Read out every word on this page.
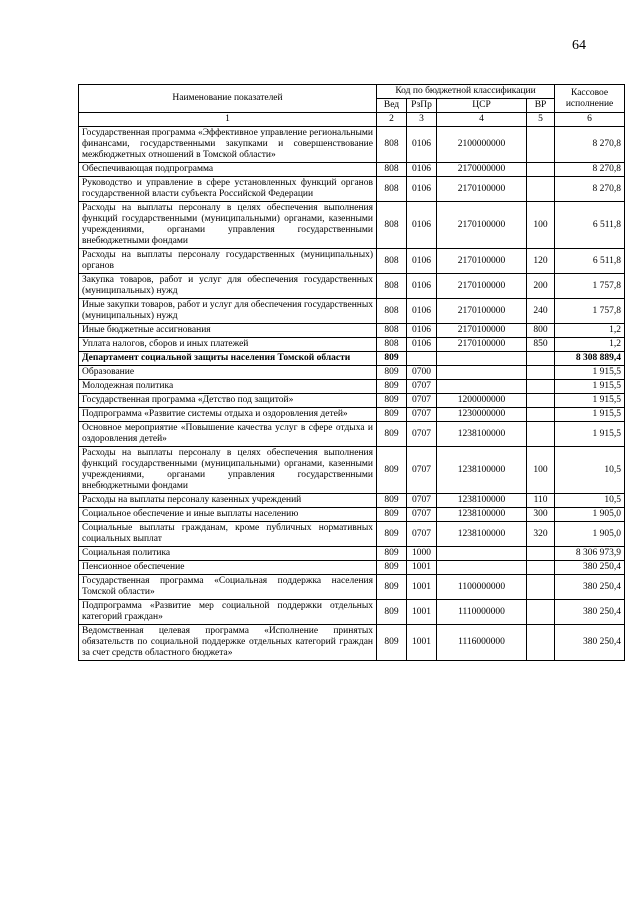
64
Наименование показателей	Код по бюджетной классификации				Кассовое исполнение
	Вед	РзПр	ЦСР	ВР	
1	2	3	4	5	6
Государственная программа «Эффективное управление региональными финансами, государственными закупками и совершенствование межбюджетных отношений в Томской области»	808	0106	2100000000		8 270,8
Обеспечивающая подпрограмма	808	0106	2170000000		8 270,8
Руководство и управление в сфере установленных функций органов государственной власти субъекта Российской Федерации	808	0106	2170100000		8 270,8
Расходы на выплаты персоналу в целях обеспечения выполнения функций государственными (муниципальными) органами, казенными учреждениями, органами управления государственными внебюджетными фондами	808	0106	2170100000	100	6 511,8
Расходы на выплаты персоналу государственных (муниципальных) органов	808	0106	2170100000	120	6 511,8
Закупка товаров, работ и услуг для обеспечения государственных (муниципальных) нужд	808	0106	2170100000	200	1 757,8
Иные закупки товаров, работ и услуг для обеспечения государственных (муниципальных) нужд	808	0106	2170100000	240	1 757,8
Иные бюджетные ассигнования	808	0106	2170100000	800	1,2
Уплата налогов, сборов и иных платежей	808	0106	2170100000	850	1,2
Департамент социальной защиты населения Томской области	809				8 308 889,4
Образование	809	0700			1 915,5
Молодежная политика	809	0707			1 915,5
Государственная программа «Детство под защитой»	809	0707	1200000000		1 915,5
Подпрограмма «Развитие системы отдыха и оздоровления детей»	809	0707	1230000000		1 915,5
Основное мероприятие «Повышение качества услуг в сфере отдыха и оздоровления детей»	809	0707	1238100000		1 915,5
Расходы на выплаты персоналу в целях обеспечения выполнения функций государственными (муниципальными) органами, казенными учреждениями, органами управления государственными внебюджетными фондами	809	0707	1238100000	100	10,5
Расходы на выплаты персоналу казенных учреждений	809	0707	1238100000	110	10,5
Социальное обеспечение и иные выплаты населению	809	0707	1238100000	300	1 905,0
Социальные выплаты гражданам, кроме публичных нормативных социальных выплат	809	0707	1238100000	320	1 905,0
Социальная политика	809	1000			8 306 973,9
Пенсионное обеспечение	809	1001			380 250,4
Государственная программа «Социальная поддержка населения Томской области»	809	1001	1100000000		380 250,4
Подпрограмма «Развитие мер социальной поддержки отдельных категорий граждан»	809	1001	1110000000		380 250,4
Ведомственная целевая программа «Исполнение принятых обязательств по социальной поддержке отдельных категорий граждан за счет средств областного бюджета»	809	1001	1116000000		380 250,4
